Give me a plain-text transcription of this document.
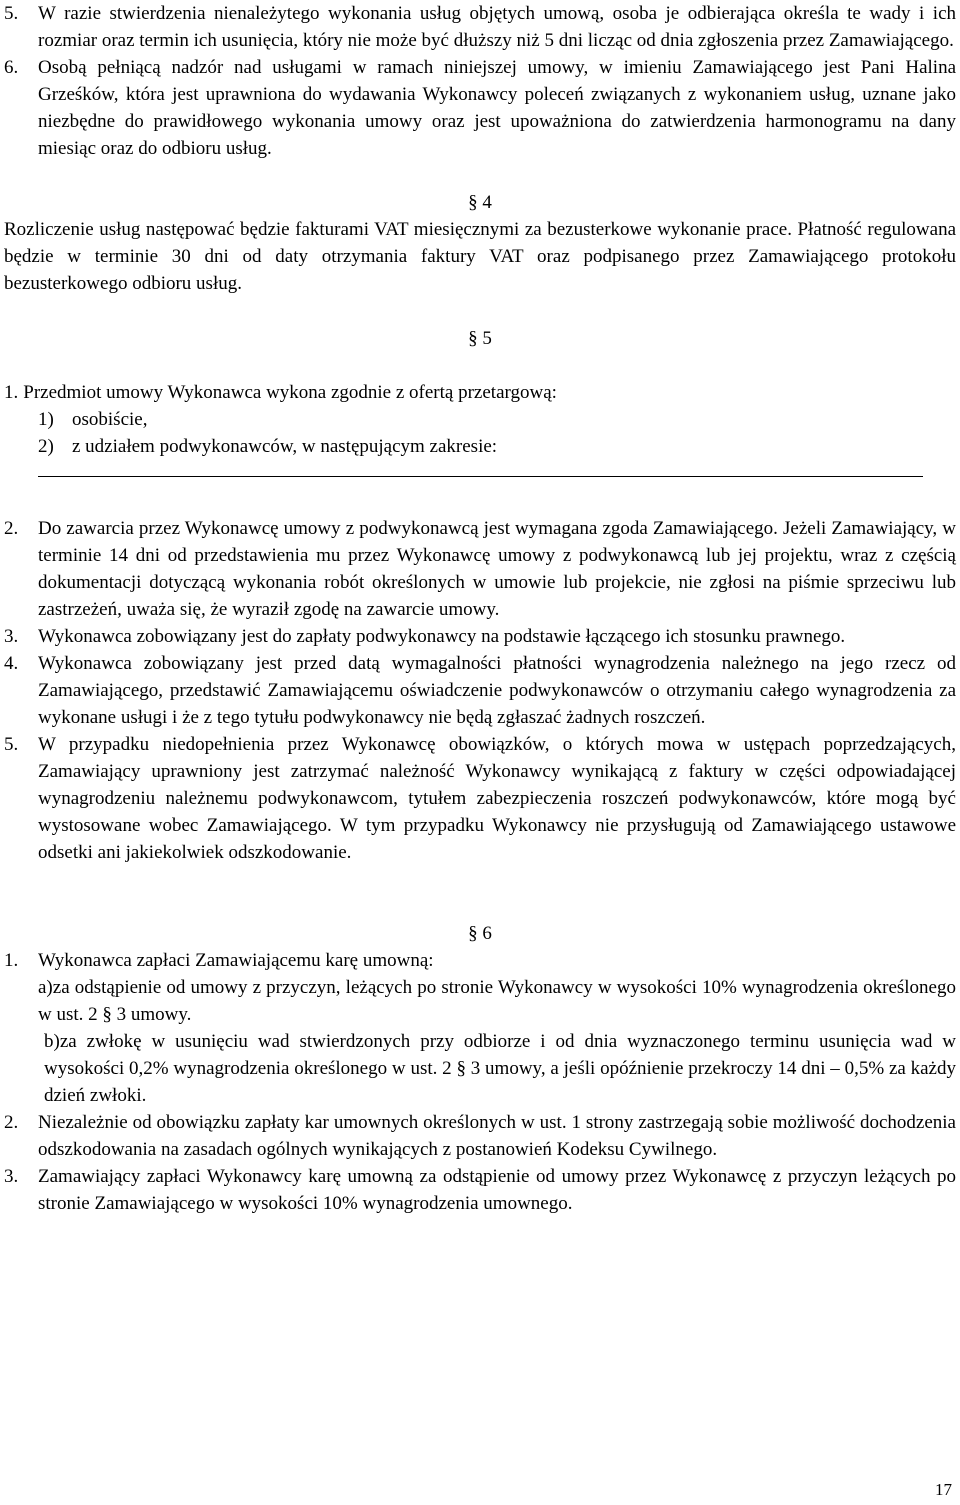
5.	W razie stwierdzenia nienależytego wykonania usług objętych umową, osoba je odbierająca określa te wady i ich rozmiar oraz termin ich usunięcia, który nie może być dłuższy niż 5 dni licząc od dnia zgłoszenia przez Zamawiającego.
6.	Osobą pełniącą nadzór nad usługami w ramach niniejszej umowy, w imieniu Zamawiającego jest Pani Halina Grześków, która jest uprawniona do wydawania Wykonawcy poleceń związanych z wykonaniem usług, uznane jako niezbędne do prawidłowego wykonania umowy oraz jest upoważniona do zatwierdzenia harmonogramu na dany miesiąc oraz do odbioru usług.
§ 4
Rozliczenie usług następować będzie fakturami VAT miesięcznymi za bezusterkowe wykonanie prace. Płatność regulowana będzie w terminie 30 dni od daty otrzymania faktury VAT oraz podpisanego przez Zamawiającego protokołu bezusterkowego odbioru usług.
§ 5
1. Przedmiot umowy Wykonawca wykona zgodnie z ofertą przetargową:
1) osobiście,
2) z udziałem podwykonawców, w następującym zakresie:
2.	Do zawarcia przez Wykonawcę umowy z podwykonawcą jest wymagana zgoda Zamawiającego. Jeżeli Zamawiający, w terminie 14 dni od przedstawienia mu przez Wykonawcę umowy z podwykonawcą lub jej projektu, wraz z częścią dokumentacji dotyczącą wykonania robót określonych w umowie lub projekcie, nie zgłosi na piśmie sprzeciwu lub zastrzeżeń, uważa się, że wyraził zgodę na zawarcie umowy.
3.	Wykonawca zobowiązany jest do zapłaty podwykonawcy na podstawie łączącego ich stosunku prawnego.
4.	Wykonawca zobowiązany jest przed datą wymagalności płatności wynagrodzenia należnego na jego rzecz od Zamawiającego, przedstawić Zamawiającemu oświadczenie podwykonawców o otrzymaniu całego wynagrodzenia za wykonane usługi i że z tego tytułu podwykonawcy nie będą zgłaszać żadnych roszczeń.
5.	W przypadku niedopełnienia przez Wykonawcę obowiązków, o których mowa w ustępach poprzedzających, Zamawiający uprawniony jest zatrzymać należność Wykonawcy wynikającą z faktury w części odpowiadającej wynagrodzeniu należnemu podwykonawcom, tytułem zabezpieczenia roszczeń podwykonawców, które mogą być wystosowane wobec Zamawiającego. W tym przypadku Wykonawcy nie przysługują od Zamawiającego ustawowe odsetki ani jakiekolwiek odszkodowanie.
§ 6
1.	Wykonawca zapłaci Zamawiającemu karę umowną:
a)za odstąpienie od umowy z przyczyn, leżących po stronie Wykonawcy w wysokości 10% wynagrodzenia określonego w ust. 2 § 3 umowy.
b)za zwłokę w usunięciu wad stwierdzonych przy odbiorze i od dnia wyznaczonego terminu usunięcia wad w wysokości 0,2% wynagrodzenia określonego w ust. 2 § 3 umowy, a jeśli opóźnienie przekroczy 14 dni – 0,5% za każdy dzień zwłoki.
2.	Niezależnie od obowiązku zapłaty kar umownych określonych w ust. 1 strony zastrzegają sobie możliwość dochodzenia odszkodowania na zasadach ogólnych wynikających z postanowień Kodeksu Cywilnego.
3.	Zamawiający zapłaci Wykonawcy karę umowną za odstąpienie od umowy przez Wykonawcę z przyczyn leżących po stronie Zamawiającego w wysokości 10% wynagrodzenia umownego.
17
